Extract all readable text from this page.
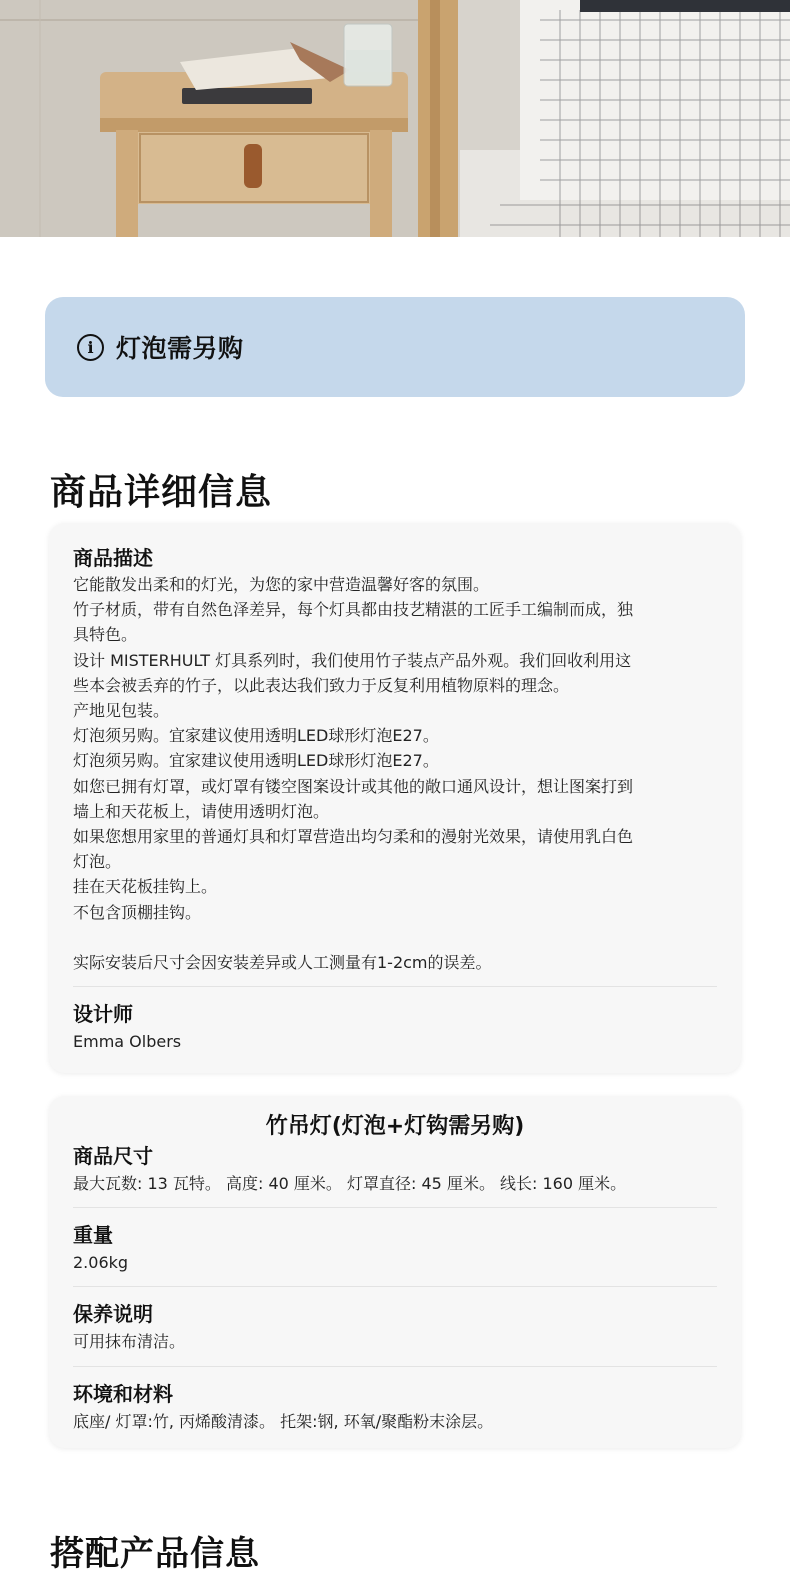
i 灯泡需另购
商品详细信息
商品描述
它能散发出柔和的灯光，为您的家中营造温馨好客的氛围。
竹子材质，带有自然色泽差异，每个灯具都由技艺精湛的工匠手工编制而成，独
具特色。
设计 MISTERHULT 灯具系列时，我们使用竹子装点产品外观。我们回收利用这
些本会被丢弃的竹子，以此表达我们致力于反复利用植物原料的理念。
产地见包装。
灯泡须另购。宜家建议使用透明LED球形灯泡E27。
灯泡须另购。宜家建议使用透明LED球形灯泡E27。
如您已拥有灯罩，或灯罩有镂空图案设计或其他的敞口通风设计，想让图案打到
墙上和天花板上，请使用透明灯泡。
如果您想用家里的普通灯具和灯罩营造出均匀柔和的漫射光效果，请使用乳白色
灯泡。
挂在天花板挂钩上。
不包含顶棚挂钩。
实际安装后尺寸会因安装差异或人工测量有1-2cm的误差。
设计师
Emma Olbers
竹吊灯(灯泡+灯钩需另购)
商品尺寸
最大瓦数: 13 瓦特。 高度: 40 厘米。 灯罩直径: 45 厘米。 线长: 160 厘米。
重量
2.06kg
保养说明
可用抹布清洁。
环境和材料
底座/ 灯罩:竹, 丙烯酸清漆。 托架:钢, 环氧/聚酯粉末涂层。
搭配产品信息
